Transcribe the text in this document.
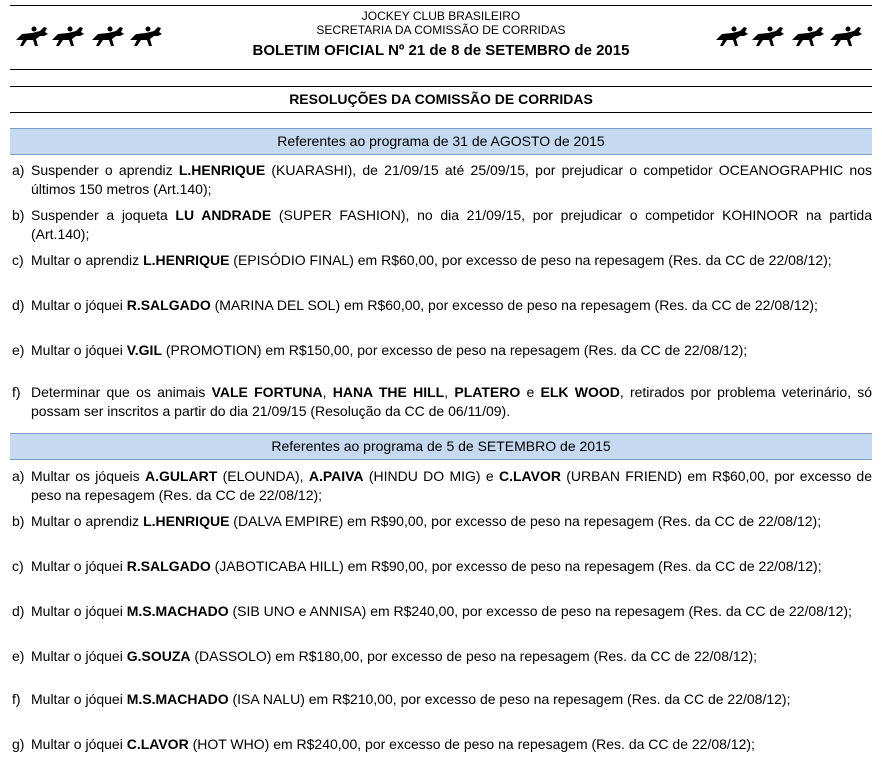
JOCKEY CLUB BRASILEIRO
SECRETARIA DA COMISSÃO DE CORRIDAS
BOLETIM OFICIAL Nº 21 de 8 de SETEMBRO de 2015
RESOLUÇÕES DA COMISSÃO DE CORRIDAS
Referentes ao programa de 31 de AGOSTO de 2015
a) Suspender o aprendiz L.HENRIQUE (KUARASHI), de 21/09/15 até 25/09/15, por prejudicar o competidor OCEANOGRAPHIC nos últimos 150 metros (Art.140);
b) Suspender a joqueta LU ANDRADE (SUPER FASHION), no dia 21/09/15, por prejudicar o competidor KOHINOOR na partida (Art.140);
c) Multar o aprendiz L.HENRIQUE (EPISÓDIO FINAL) em R$60,00, por excesso de peso na repesagem (Res. da CC de 22/08/12);
d) Multar o jóquei R.SALGADO (MARINA DEL SOL) em R$60,00, por excesso de peso na repesagem (Res. da CC de 22/08/12);
e) Multar o jóquei V.GIL (PROMOTION) em R$150,00, por excesso de peso na repesagem (Res. da CC de 22/08/12);
f) Determinar que os animais VALE FORTUNA, HANA THE HILL, PLATERO e ELK WOOD, retirados por problema veterinário, só possam ser inscritos a partir do dia 21/09/15 (Resolução da CC de 06/11/09).
Referentes ao programa de 5 de SETEMBRO de 2015
a) Multar os jóqueis A.GULART (ELOUNDA), A.PAIVA (HINDU DO MIG) e C.LAVOR (URBAN FRIEND) em R$60,00, por excesso de peso na repesagem (Res. da CC de 22/08/12);
b) Multar o aprendiz L.HENRIQUE (DALVA EMPIRE) em R$90,00, por excesso de peso na repesagem (Res. da CC de 22/08/12);
c) Multar o jóquei R.SALGADO (JABOTICABA HILL) em R$90,00, por excesso de peso na repesagem (Res. da CC de 22/08/12);
d) Multar o jóquei M.S.MACHADO (SIB UNO e ANNISA) em R$240,00, por excesso de peso na repesagem (Res. da CC de 22/08/12);
e) Multar o jóquei G.SOUZA (DASSOLO) em R$180,00, por excesso de peso na repesagem (Res. da CC de 22/08/12);
f) Multar o jóquei M.S.MACHADO (ISA NALU) em R$210,00, por excesso de peso na repesagem (Res. da CC de 22/08/12);
g) Multar o jóquei C.LAVOR (HOT WHO) em R$240,00, por excesso de peso na repesagem (Res. da CC de 22/08/12);
